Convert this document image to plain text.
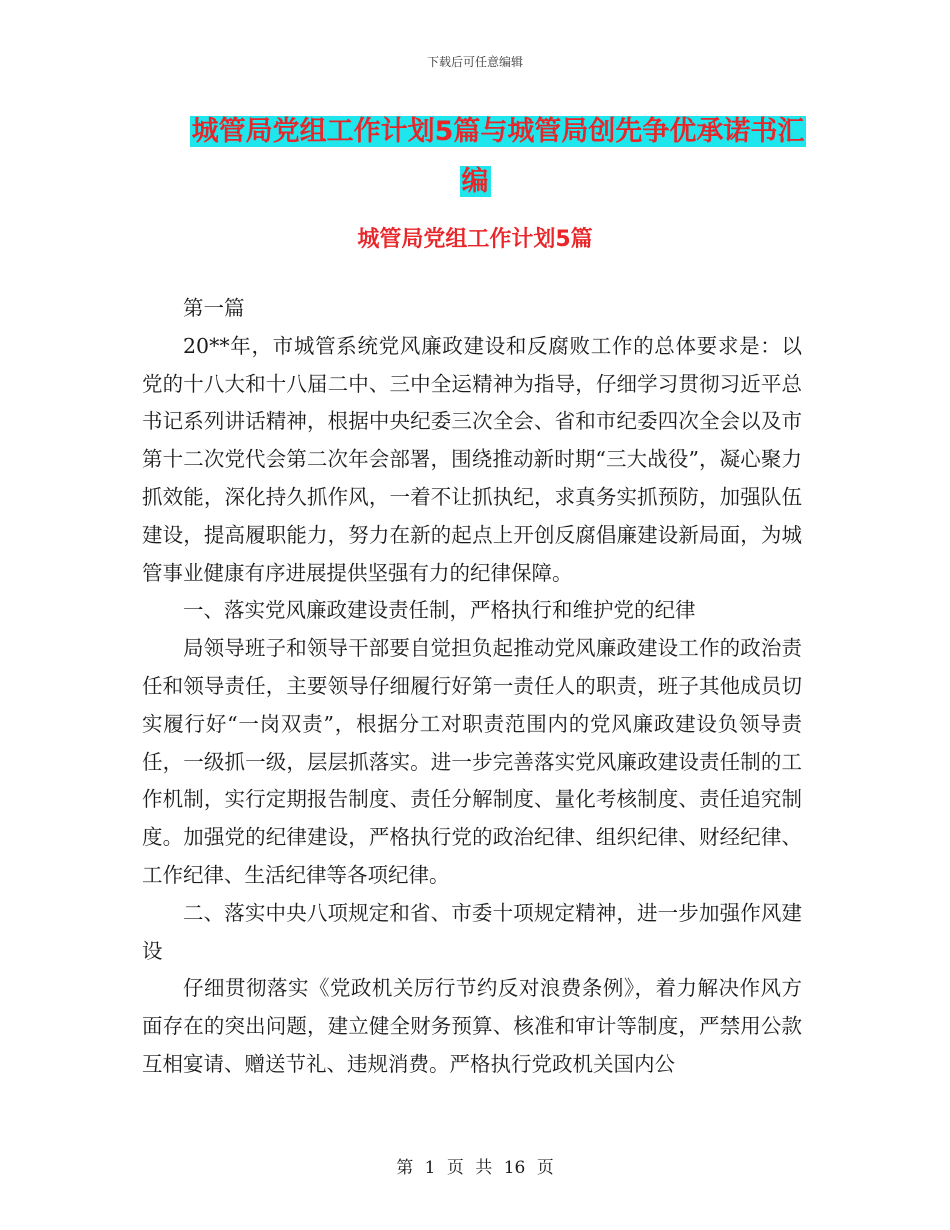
下载后可任意编辑
城管局党组工作计划5篇与城管局创先争优承诺书汇
编
城管局党组工作计划5篇

第一篇

20**年，市城管系统党风廉政建设和反腐败工作的总体要求是：以党的十八大和十八届二中、三中全运精神为指导，仔细学习贯彻习近平总书记系列讲话精神，根据中央纪委三次全会、省和市纪委四次全会以及市第十二次党代会第二次年会部署，围绕推动新时期“三大战役”，凝心聚力抓效能，深化持久抓作风，一着不让抓执纪，求真务实抓预防，加强队伍建设，提高履职能力，努力在新的起点上开创反腐倡廉建设新局面，为城管事业健康有序进展提供坚强有力的纪律保障。

一、落实党风廉政建设责任制，严格执行和维护党的纪律

局领导班子和领导干部要自觉担负起推动党风廉政建设工作的政治责任和领导责任，主要领导仔细履行好第一责任人的职责，班子其他成员切实履行好“一岗双责”，根据分工对职责范围内的党风廉政建设负领导责任，一级抓一级，层层抓落实。进一步完善落实党风廉政建设责任制的工作机制，实行定期报告制度、责任分解制度、量化考核制度、责任追究制度。加强党的纪律建设，严格执行党的政治纪律、组织纪律、财经纪律、工作纪律、生活纪律等各项纪律。

二、落实中央八项规定和省、市委十项规定精神，进一步加强作风建设

仔细贯彻落实《党政机关厉行节约反对浪费条例》，着力解决作风方面存在的突出问题，建立健全财务预算、核准和审计等制度，严禁用公款互相宴请、赠送节礼、违规消费。严格执行党政机关国内公

第 1 页 共 16 页
